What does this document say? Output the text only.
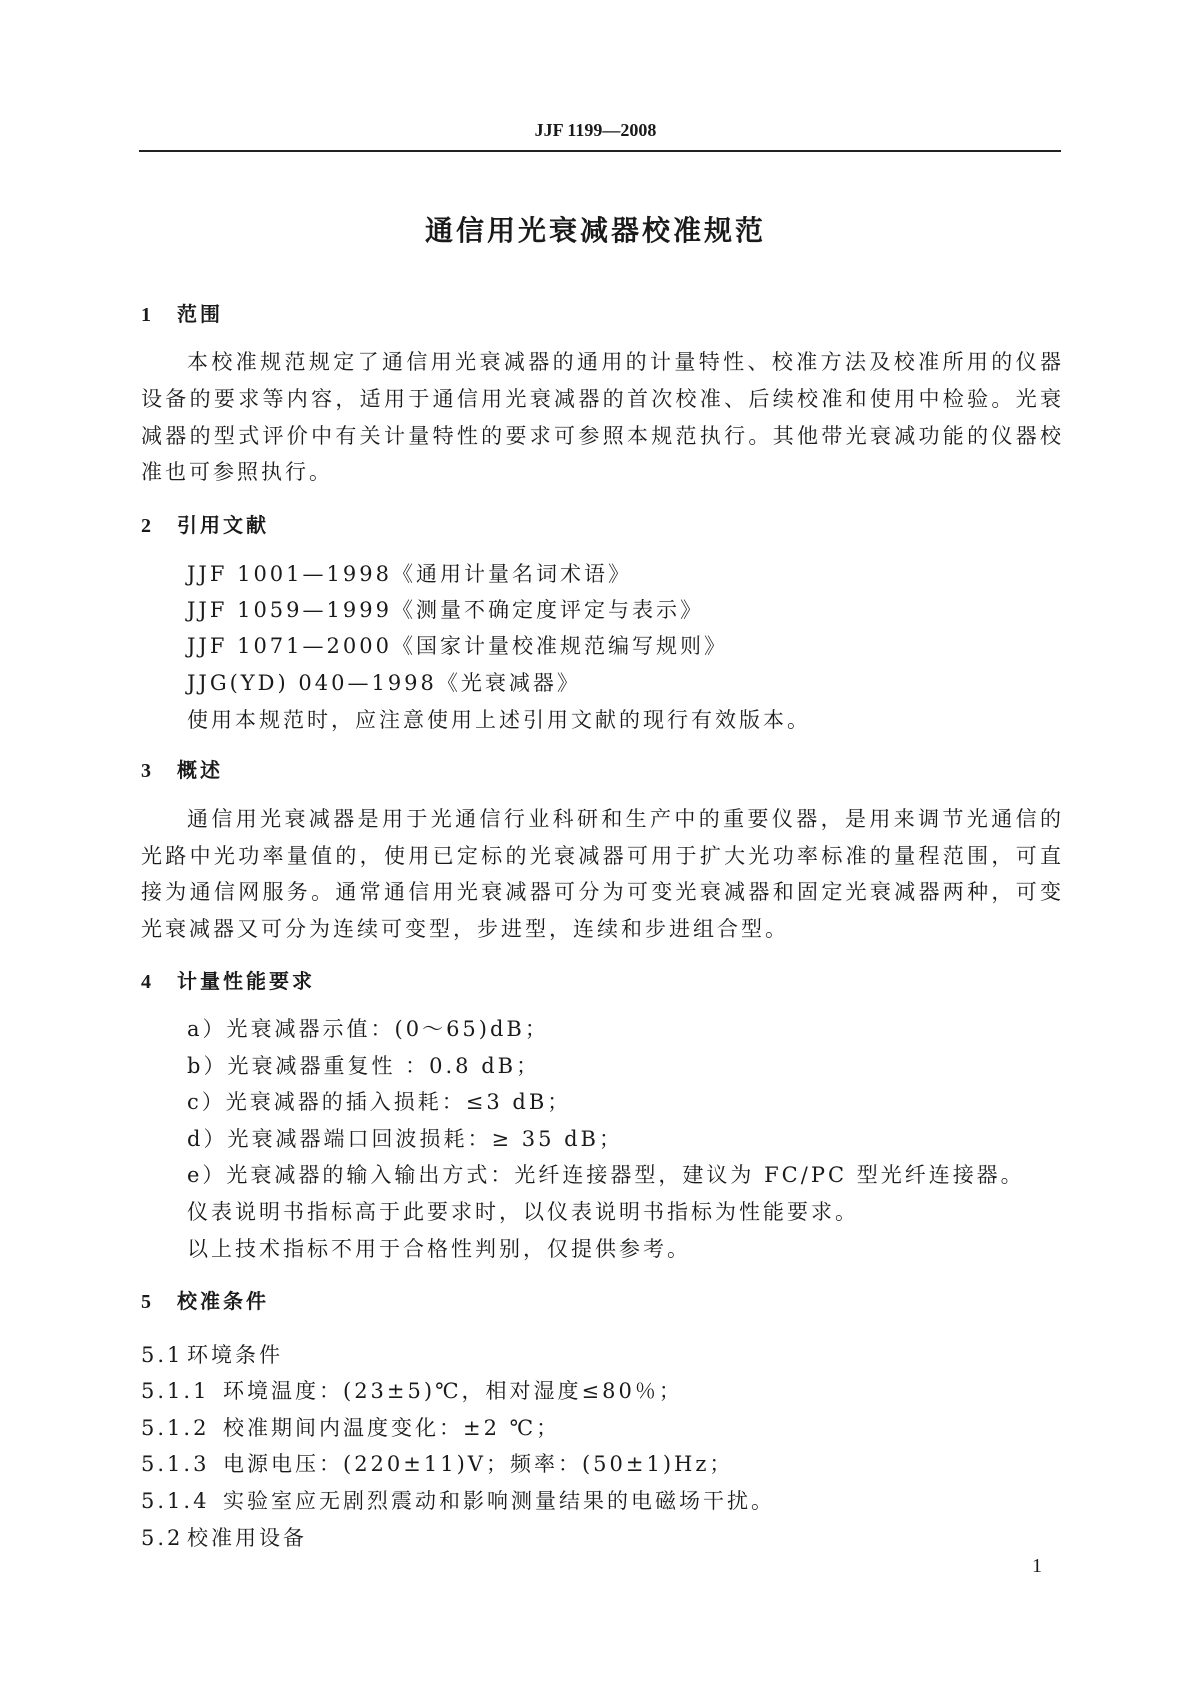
JJF 1199—2008
通信用光衰减器校准规范
1 范围
本校准规范规定了通信用光衰减器的通用的计量特性、校准方法及校准所用的仪器
设备的要求等内容，适用于通信用光衰减器的首次校准、后续校准和使用中检验。光衰
减器的型式评价中有关计量特性的要求可参照本规范执行。其他带光衰减功能的仪器校
准也可参照执行。
2 引用文献
JJF 1001—1998《通用计量名词术语》
JJF 1059—1999《测量不确定度评定与表示》
JJF 1071—2000《国家计量校准规范编写规则》
JJG(YD) 040—1998《光衰减器》
使用本规范时，应注意使用上述引用文献的现行有效版本。
3 概述
通信用光衰减器是用于光通信行业科研和生产中的重要仪器，是用来调节光通信的
光路中光功率量值的，使用已定标的光衰减器可用于扩大光功率标准的量程范围，可直
接为通信网服务。通常通信用光衰减器可分为可变光衰减器和固定光衰减器两种，可变
光衰减器又可分为连续可变型，步进型，连续和步进组合型。
4 计量性能要求
a）光衰减器示值：(0～65)dB；
b）光衰减器重复性 ：0.8 dB；
c）光衰减器的插入损耗：≤3 dB；
d）光衰减器端口回波损耗：≥ 35 dB；
e）光衰减器的输入输出方式：光纤连接器型，建议为 FC/PC 型光纤连接器。
仪表说明书指标高于此要求时，以仪表说明书指标为性能要求。
以上技术指标不用于合格性判别，仅提供参考。
5 校准条件
5.1 环境条件
5.1.1 环境温度：(23±5)℃，相对湿度≤80％；
5.1.2 校准期间内温度变化：±2 ℃；
5.1.3 电源电压：(220±11)V；频率：(50±1)Hz；
5.1.4 实验室应无剧烈震动和影响测量结果的电磁场干扰。
5.2 校准用设备
1
